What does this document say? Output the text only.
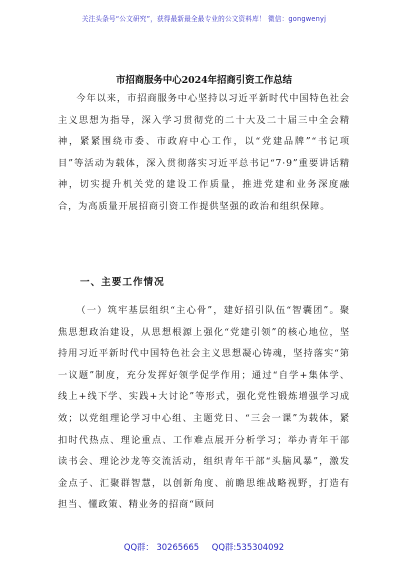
关注头条号“公文研究”，获得最新最全最专业的公文资料库！ 微信：gongwenyj
市招商服务中心2024年招商引资工作总结

今年以来，市招商服务中心坚持以习近平新时代中国特色社会主义思想为指导，深入学习贯彻党的二十大及二十届三中全会精神，紧紧围绕市委、市政府中心工作，以“党建品牌”“书记项目”等活动为载体，深入贯彻落实习近平总书记“7·9”重要讲话精神，切实提升机关党的建设工作质量，推进党建和业务深度融合，为高质量开展招商引资工作提供坚强的政治和组织保障。

一、主要工作情况

（一）筑牢基层组织“主心骨”，建好招引队伍“智囊团”。聚焦思想政治建设，从思想根源上强化“党建引领”的核心地位，坚持用习近平新时代中国特色社会主义思想凝心铸魂，坚持落实“第一议题”制度，充分发挥好领学促学作用；通过“自学+集体学、线上+线下学、实践+大讨论”等形式，强化党性锻炼增强学习成效；以党组理论学习中心组、主题党日、“三会一课”为载体，紧扣时代热点、理论重点、工作难点展开分析学习；举办青年干部读书会、理论沙龙等交流活动，组织青年干部“头脑风暴”，激发金点子、汇聚群智慧，以创新角度、前瞻思维战略视野，打造有担当、懂政策、精业务的招商“顾问

QQ群： 30265665 QQ群:535304092
